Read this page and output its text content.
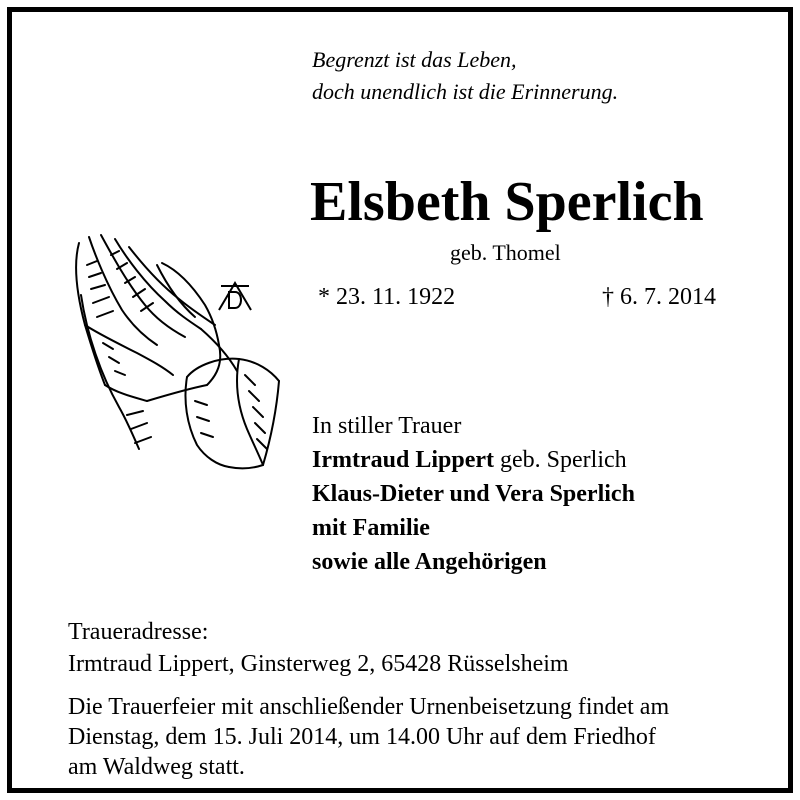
Begrenzt ist das Leben,
doch unendlich ist die Erinnerung.
Elsbeth Sperlich
geb. Thomel
* 23. 11. 1922	† 6. 7. 2014
In stiller Trauer
Irmtraud Lippert geb. Sperlich
Klaus-Dieter und Vera Sperlich
mit Familie
sowie alle Angehörigen
Traueradresse:
Irmtraud Lippert, Ginsterweg 2, 65428 Rüsselsheim
Die Trauerfeier mit anschließender Urnenbeisetzung findet am
Dienstag, dem 15. Juli 2014, um 14.00 Uhr auf dem Friedhof
am Waldweg statt.
